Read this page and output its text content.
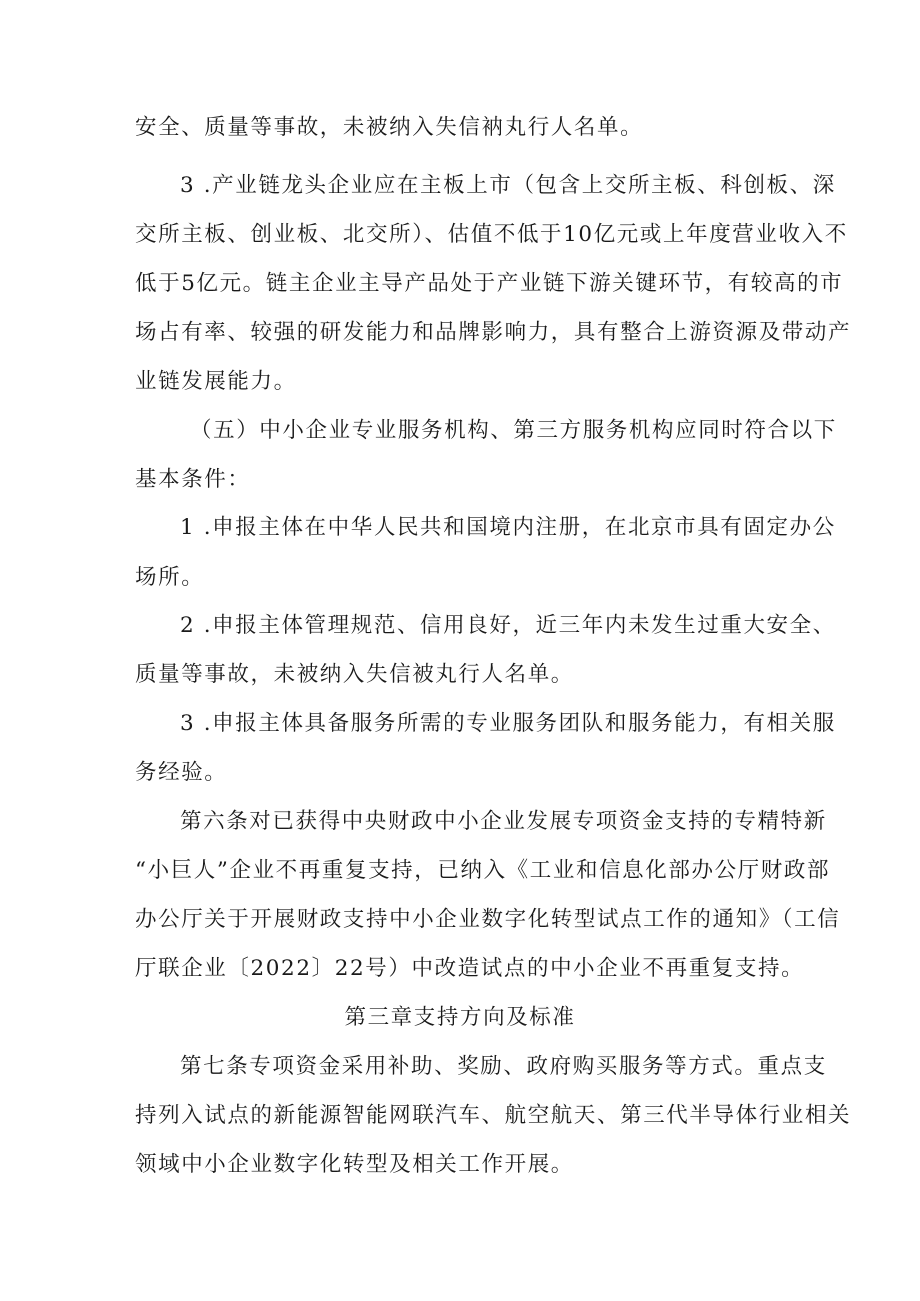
安全、质量等事故，未被纳入失信衲丸行人名单。

3 .产业链龙头企业应在主板上市（包含上交所主板、科创板、深

交所主板、创业板、北交所）、估值不低于10亿元或上年度营业收入不

低于5亿元。链主企业主导产品处于产业链下游关键环节，有较高的市

场占有率、较强的研发能力和品牌影响力，具有整合上游资源及带动产

业链发展能力。

（五）中小企业专业服务机构、第三方服务机构应同时符合以下

基本条件：

1 .申报主体在中华人民共和国境内注册，在北京市具有固定办公

场所。

2 .申报主体管理规范、信用良好，近三年内未发生过重大安全、

质量等事故，未被纳入失信被丸行人名单。

3 .申报主体具备服务所需的专业服务团队和服务能力，有相关服

务经验。

第六条对已获得中央财政中小企业发展专项资金支持的专精特新

“小巨人”企业不再重复支持，已纳入《工业和信息化部办公厅财政部

办公厅关于开展财政支持中小企业数字化转型试点工作的通知》（工信

厅联企业〔2022〕22号）中改造试点的中小企业不再重复支持。

第三章支持方向及标准

第七条专项资金采用补助、奖励、政府购买服务等方式。重点支

持列入试点的新能源智能网联汽车、航空航天、第三代半导体行业相关

领域中小企业数字化转型及相关工作开展。
